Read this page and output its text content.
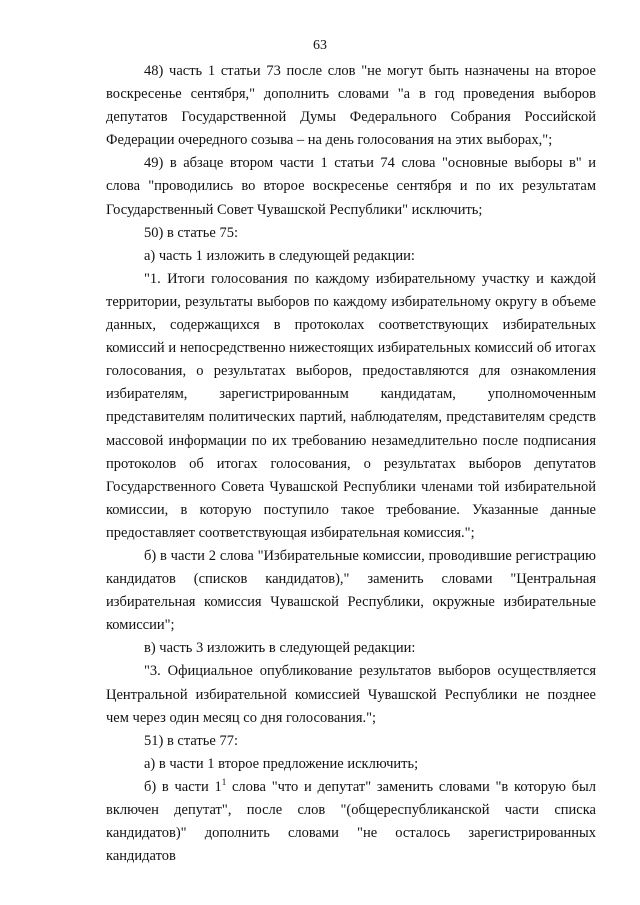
63

48) часть 1 статьи 73 после слов "не могут быть назначены на второе воскресенье сентября," дополнить словами "а в год проведения выборов депутатов Государственной Думы Федерального Собрания Российской Федерации очередного созыва – на день голосования на этих выборах,";

49) в абзаце втором части 1 статьи 74 слова "основные выборы в" и слова "проводились во второе воскресенье сентября и по их результатам Государственный Совет Чувашской Республики" исключить;

50) в статье 75:

а) часть 1 изложить в следующей редакции:

"1. Итоги голосования по каждому избирательному участку и каждой территории, результаты выборов по каждому избирательному округу в объеме данных, содержащихся в протоколах соответствующих избирательных комиссий и непосредственно нижестоящих избирательных комиссий об итогах голосования, о результатах выборов, предоставляются для ознакомления избирателям, зарегистрированным кандидатам, уполномоченным представителям политических партий, наблюдателям, представителям средств массовой информации по их требованию незамедлительно после подписания протоколов об итогах голосования, о результатах выборов депутатов Государственного Совета Чувашской Республики членами той избирательной комиссии, в которую поступило такое требование. Указанные данные предоставляет соответствующая избирательная комиссия.";

б) в части 2 слова "Избирательные комиссии, проводившие регистрацию кандидатов (списков кандидатов)," заменить словами "Центральная избирательная комиссия Чувашской Республики, окружные избирательные комиссии";

в) часть 3 изложить в следующей редакции:

"3. Официальное опубликование результатов выборов осуществляется Центральной избирательной комиссией Чувашской Республики не позднее чем через один месяц со дня голосования.";

51) в статье 77:

а) в части 1 второе предложение исключить;

б) в части $1^1$ слова "что и депутат" заменить словами "в которую был включен депутат", после слов "(общереспубликанской части списка кандидатов)" дополнить словами "не осталось зарегистрированных кандидатов
